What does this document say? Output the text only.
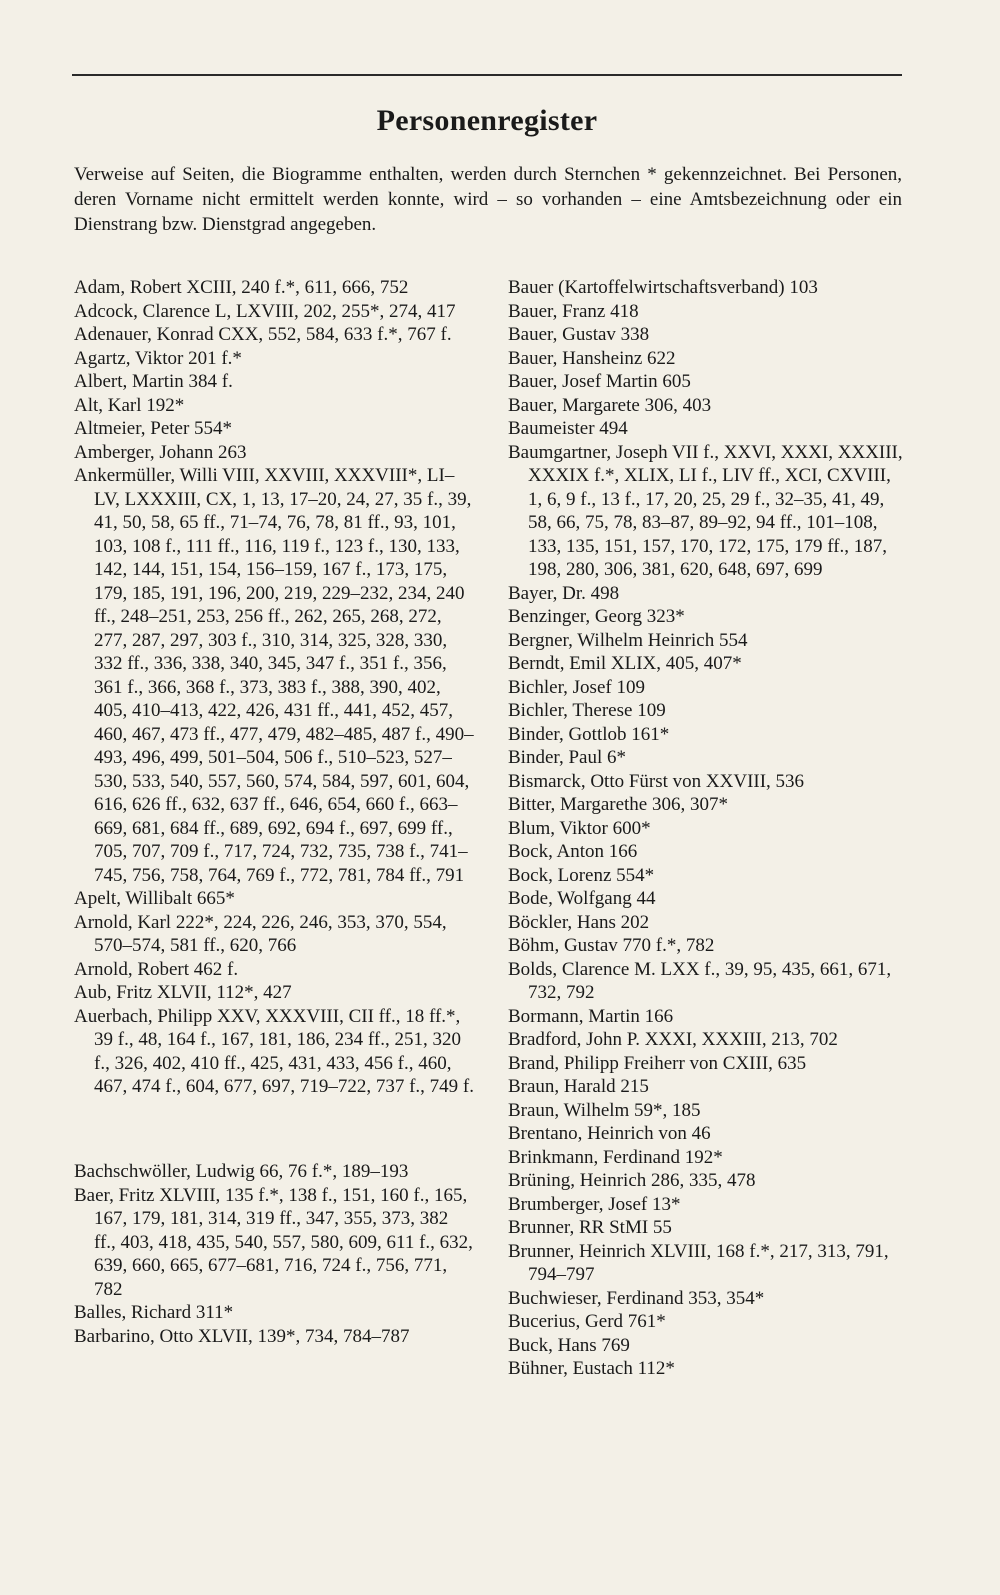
Personenregister

Verweise auf Seiten, die Biogramme enthalten, werden durch Sternchen * gekennzeichnet. Bei Personen, deren Vorname nicht ermittelt werden konnte, wird – so vorhanden – eine Amtsbezeichnung oder ein Dienstrang bzw. Dienstgrad angegeben.

Adam, Robert XCIII, 240 f.*, 611, 666, 752

Adcock, Clarence L, LXVIII, 202, 255*, 274, 417

Adenauer, Konrad CXX, 552, 584, 633 f.*, 767 f.

Agartz, Viktor 201 f.*

Albert, Martin 384 f.

Alt, Karl 192*

Altmeier, Peter 554*

Amberger, Johann 263

Ankermüller, Willi VIII, XXVIII, XXXVIII*, LI–LV, LXXXIII, CX, 1, 13, 17–20, 24, 27, 35 f., 39, 41, 50, 58, 65 ff., 71–74, 76, 78, 81 ff., 93, 101, 103, 108 f., 111 ff., 116, 119 f., 123 f., 130, 133, 142, 144, 151, 154, 156–159, 167 f., 173, 175, 179, 185, 191, 196, 200, 219, 229–232, 234, 240 ff., 248–251, 253, 256 ff., 262, 265, 268, 272, 277, 287, 297, 303 f., 310, 314, 325, 328, 330, 332 ff., 336, 338, 340, 345, 347 f., 351 f., 356, 361 f., 366, 368 f., 373, 383 f., 388, 390, 402, 405, 410–413, 422, 426, 431 ff., 441, 452, 457, 460, 467, 473 ff., 477, 479, 482–485, 487 f., 490–493, 496, 499, 501–504, 506 f., 510–523, 527–530, 533, 540, 557, 560, 574, 584, 597, 601, 604, 616, 626 ff., 632, 637 ff., 646, 654, 660 f., 663–669, 681, 684 ff., 689, 692, 694 f., 697, 699 ff., 705, 707, 709 f., 717, 724, 732, 735, 738 f., 741–745, 756, 758, 764, 769 f., 772, 781, 784 ff., 791

Apelt, Willibalt 665*

Arnold, Karl 222*, 224, 226, 246, 353, 370, 554, 570–574, 581 ff., 620, 766

Arnold, Robert 462 f.

Aub, Fritz XLVII, 112*, 427

Auerbach, Philipp XXV, XXXVIII, CII ff., 18 ff.*, 39 f., 48, 164 f., 167, 181, 186, 234 ff., 251, 320 f., 326, 402, 410 ff., 425, 431, 433, 456 f., 460, 467, 474 f., 604, 677, 697, 719–722, 737 f., 749 f.

Bachschwöller, Ludwig 66, 76 f.*, 189–193

Baer, Fritz XLVIII, 135 f.*, 138 f., 151, 160 f., 165, 167, 179, 181, 314, 319 ff., 347, 355, 373, 382 ff., 403, 418, 435, 540, 557, 580, 609, 611 f., 632, 639, 660, 665, 677–681, 716, 724 f., 756, 771, 782

Balles, Richard 311*

Barbarino, Otto XLVII, 139*, 734, 784–787

Bauer (Kartoffelwirtschaftsverband) 103

Bauer, Franz 418

Bauer, Gustav 338

Bauer, Hansheinz 622

Bauer, Josef Martin 605

Bauer, Margarete 306, 403

Baumeister 494

Baumgartner, Joseph VII f., XXVI, XXXI, XXXIII, XXXIX f.*, XLIX, LI f., LIV ff., XCI, CXVIII, 1, 6, 9 f., 13 f., 17, 20, 25, 29 f., 32–35, 41, 49, 58, 66, 75, 78, 83–87, 89–92, 94 ff., 101–108, 133, 135, 151, 157, 170, 172, 175, 179 ff., 187, 198, 280, 306, 381, 620, 648, 697, 699

Bayer, Dr. 498

Benzinger, Georg 323*

Bergner, Wilhelm Heinrich 554

Berndt, Emil XLIX, 405, 407*

Bichler, Josef 109

Bichler, Therese 109

Binder, Gottlob 161*

Binder, Paul 6*

Bismarck, Otto Fürst von XXVIII, 536

Bitter, Margarethe 306, 307*

Blum, Viktor 600*

Bock, Anton 166

Bock, Lorenz 554*

Bode, Wolfgang 44

Böckler, Hans 202

Böhm, Gustav 770 f.*, 782

Bolds, Clarence M. LXX f., 39, 95, 435, 661, 671, 732, 792

Bormann, Martin 166

Bradford, John P. XXXI, XXXIII, 213, 702

Brand, Philipp Freiherr von CXIII, 635

Braun, Harald 215

Braun, Wilhelm 59*, 185

Brentano, Heinrich von 46

Brinkmann, Ferdinand 192*

Brüning, Heinrich 286, 335, 478

Brumberger, Josef 13*

Brunner, RR StMI 55

Brunner, Heinrich XLVIII, 168 f.*, 217, 313, 791, 794–797

Buchwieser, Ferdinand 353, 354*

Bucerius, Gerd 761*

Buck, Hans 769

Bühner, Eustach 112*
